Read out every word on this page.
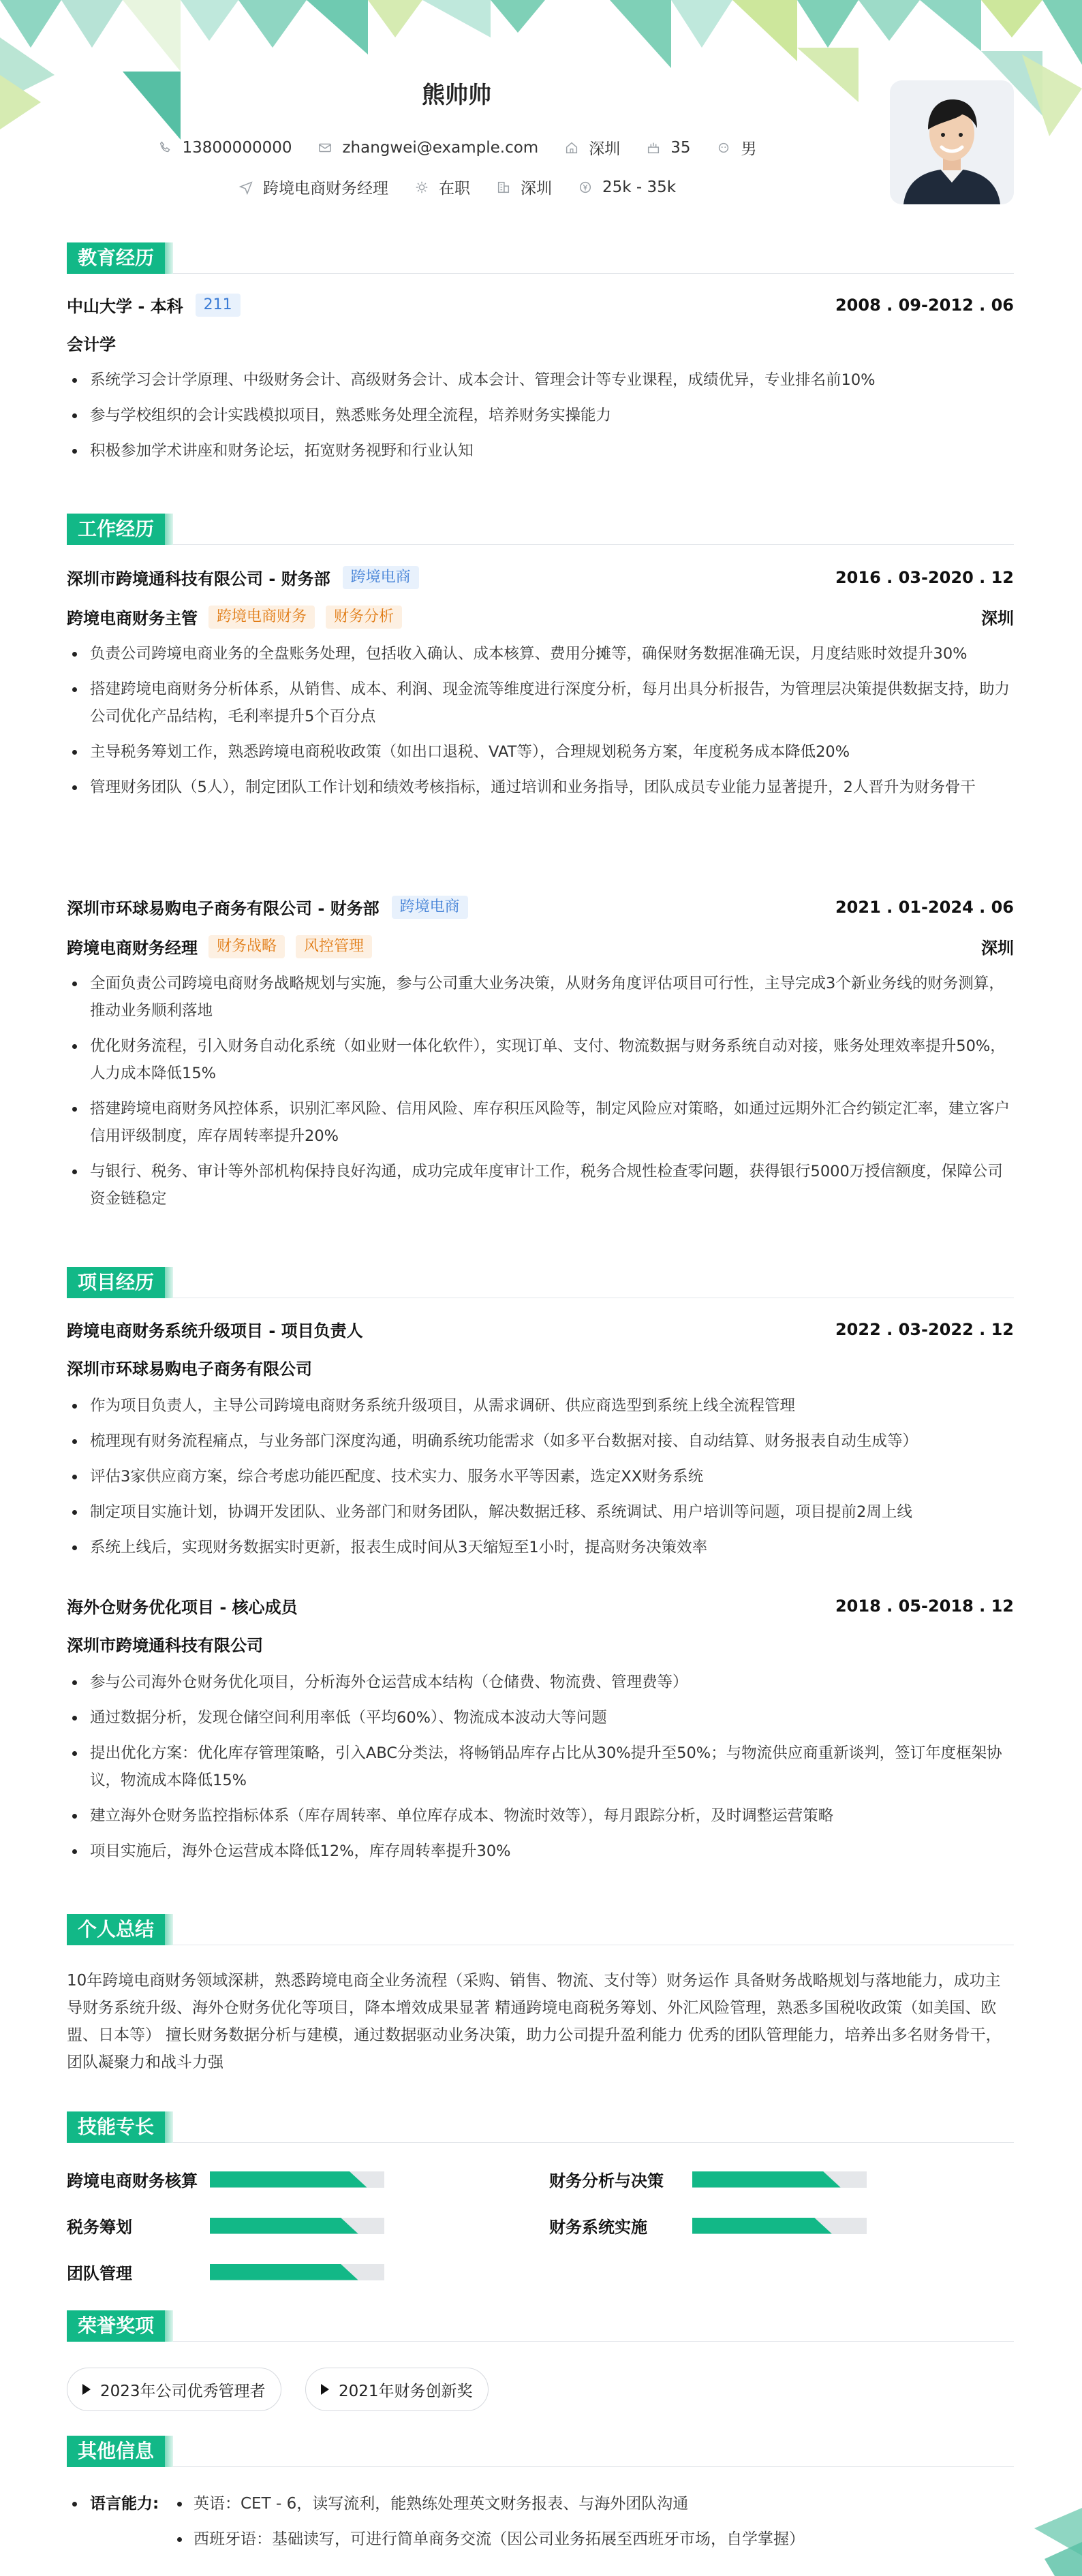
熊帅帅
13800000000	zhangwei@example.com	深圳	35	男
跨境电商财务经理	在职	深圳	25k - 35k
教育经历
中山大学 - 本科	211	2008 . 09-2012 . 06
会计学
系统学习会计学原理、中级财务会计、高级财务会计、成本会计、管理会计等专业课程，成绩优异，专业排名前10%
参与学校组织的会计实践模拟项目，熟悉账务处理全流程，培养财务实操能力
积极参加学术讲座和财务论坛，拓宽财务视野和行业认知
工作经历
深圳市跨境通科技有限公司 - 财务部	跨境电商	2016 . 03-2020 . 12
跨境电商财务主管	跨境电商财务	财务分析	深圳
负责公司跨境电商业务的全盘账务处理，包括收入确认、成本核算、费用分摊等，确保财务数据准确无误，月度结账时效提升30%
搭建跨境电商财务分析体系，从销售、成本、利润、现金流等维度进行深度分析，每月出具分析报告，为管理层决策提供数据支持，助力公司优化产品结构，毛利率提升5个百分点
主导税务筹划工作，熟悉跨境电商税收政策（如出口退税、VAT等），合理规划税务方案，年度税务成本降低20%
管理财务团队（5人），制定团队工作计划和绩效考核指标，通过培训和业务指导，团队成员专业能力显著提升，2人晋升为财务骨干
深圳市环球易购电子商务有限公司 - 财务部	跨境电商	2021 . 01-2024 . 06
跨境电商财务经理	财务战略	风控管理	深圳
全面负责公司跨境电商财务战略规划与实施，参与公司重大业务决策，从财务角度评估项目可行性，主导完成3个新业务线的财务测算，推动业务顺利落地
优化财务流程，引入财务自动化系统（如业财一体化软件），实现订单、支付、物流数据与财务系统自动对接，账务处理效率提升50%，人力成本降低15%
搭建跨境电商财务风控体系，识别汇率风险、信用风险、库存积压风险等，制定风险应对策略，如通过远期外汇合约锁定汇率，建立客户信用评级制度，库存周转率提升20%
与银行、税务、审计等外部机构保持良好沟通，成功完成年度审计工作，税务合规性检查零问题，获得银行5000万授信额度，保障公司资金链稳定
项目经历
跨境电商财务系统升级项目 - 项目负责人	2022 . 03-2022 . 12
深圳市环球易购电子商务有限公司
作为项目负责人，主导公司跨境电商财务系统升级项目，从需求调研、供应商选型到系统上线全流程管理
梳理现有财务流程痛点，与业务部门深度沟通，明确系统功能需求（如多平台数据对接、自动结算、财务报表自动生成等）
评估3家供应商方案，综合考虑功能匹配度、技术实力、服务水平等因素，选定XX财务系统
制定项目实施计划，协调开发团队、业务部门和财务团队，解决数据迁移、系统调试、用户培训等问题，项目提前2周上线
系统上线后，实现财务数据实时更新，报表生成时间从3天缩短至1小时，提高财务决策效率
海外仓财务优化项目 - 核心成员	2018 . 05-2018 . 12
深圳市跨境通科技有限公司
参与公司海外仓财务优化项目，分析海外仓运营成本结构（仓储费、物流费、管理费等）
通过数据分析，发现仓储空间利用率低（平均60%）、物流成本波动大等问题
提出优化方案：优化库存管理策略，引入ABC分类法，将畅销品库存占比从30%提升至50%；与物流供应商重新谈判，签订年度框架协议，物流成本降低15%
建立海外仓财务监控指标体系（库存周转率、单位库存成本、物流时效等），每月跟踪分析，及时调整运营策略
项目实施后，海外仓运营成本降低12%，库存周转率提升30%
个人总结
10年跨境电商财务领域深耕，熟悉跨境电商全业务流程（采购、销售、物流、支付等）财务运作 具备财务战略规划与落地能力，成功主导财务系统升级、海外仓财务优化等项目，降本增效成果显著 精通跨境电商税务筹划、外汇风险管理，熟悉多国税收政策（如美国、欧盟、日本等） 擅长财务数据分析与建模，通过数据驱动业务决策，助力公司提升盈利能力 优秀的团队管理能力，培养出多名财务骨干，团队凝聚力和战斗力强
技能专长
跨境电商财务核算	财务分析与决策
税务筹划	财务系统实施
团队管理
荣誉奖项
2023年公司优秀管理者	2021年财务创新奖
其他信息
语言能力: 英语：CET - 6，读写流利，能熟练处理英文财务报表、与海外团队沟通
西班牙语：基础读写，可进行简单商务交流（因公司业务拓展至西班牙市场，自学掌握）
